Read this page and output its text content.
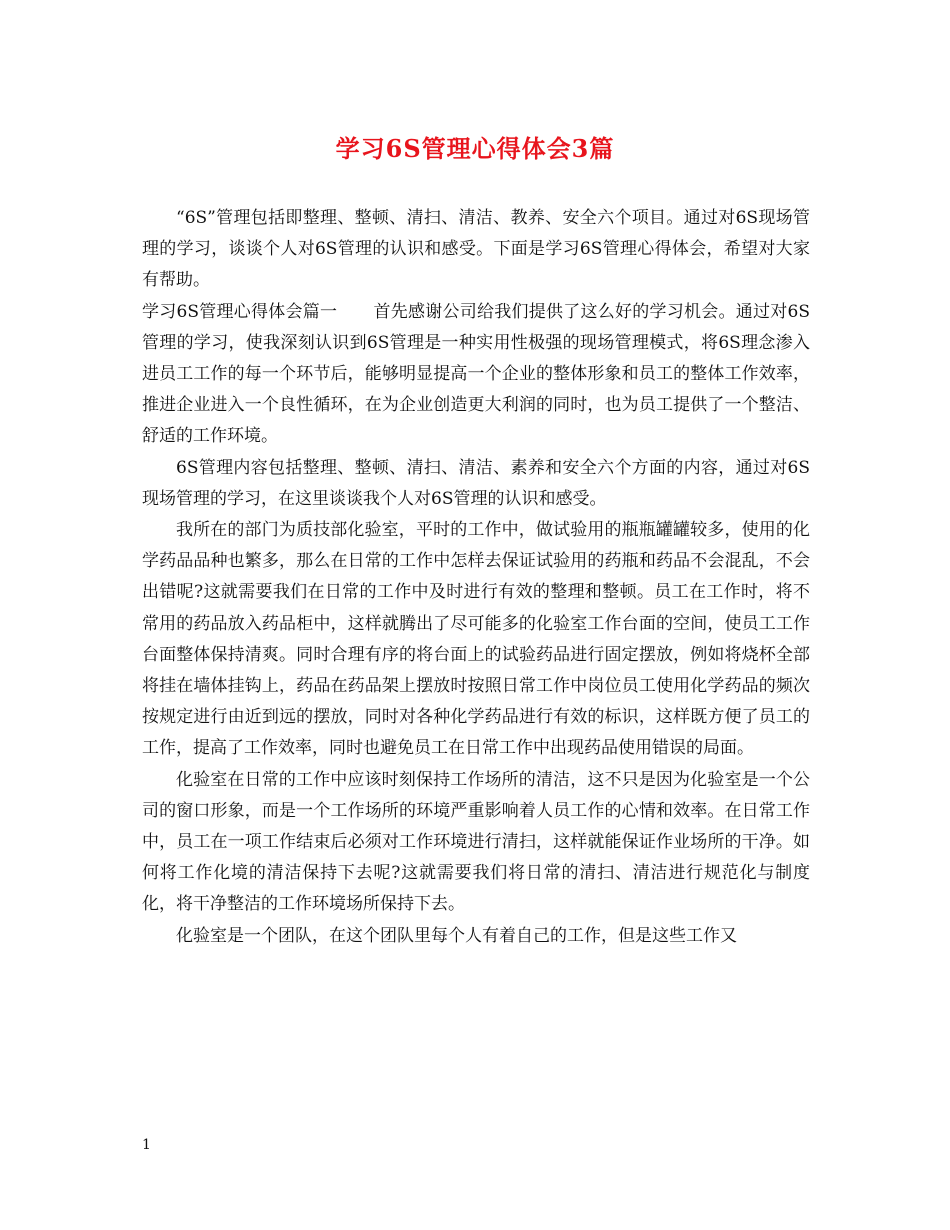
学习6S管理心得体会3篇

“6S”管理包括即整理、整顿、清扫、清洁、教养、安全六个项目。通过对6S现场管理的学习，谈谈个人对6S管理的认识和感受。下面是学习6S管理心得体会，希望对大家有帮助。

学习6S管理心得体会篇一 首先感谢公司给我们提供了这么好的学习机会。通过对6S管理的学习，使我深刻认识到6S管理是一种实用性极强的现场管理模式，将6S理念渗入进员工工作的每一个环节后，能够明显提高一个企业的整体形象和员工的整体工作效率，推进企业进入一个良性循环，在为企业创造更大利润的同时，也为员工提供了一个整洁、舒适的工作环境。

6S管理内容包括整理、整顿、清扫、清洁、素养和安全六个方面的内容，通过对6S现场管理的学习，在这里谈谈我个人对6S管理的认识和感受。

我所在的部门为质技部化验室，平时的工作中，做试验用的瓶瓶罐罐较多，使用的化学药品品种也繁多，那么在日常的工作中怎样去保证试验用的药瓶和药品不会混乱，不会出错呢?这就需要我们在日常的工作中及时进行有效的整理和整顿。员工在工作时，将不常用的药品放入药品柜中，这样就腾出了尽可能多的化验室工作台面的空间，使员工工作台面整体保持清爽。同时合理有序的将台面上的试验药品进行固定摆放，例如将烧杯全部将挂在墙体挂钩上，药品在药品架上摆放时按照日常工作中岗位员工使用化学药品的频次按规定进行由近到远的摆放，同时对各种化学药品进行有效的标识，这样既方便了员工的工作，提高了工作效率，同时也避免员工在日常工作中出现药品使用错误的局面。

化验室在日常的工作中应该时刻保持工作场所的清洁，这不只是因为化验室是一个公司的窗口形象，而是一个工作场所的环境严重影响着人员工作的心情和效率。在日常工作中，员工在一项工作结束后必须对工作环境进行清扫，这样就能保证作业场所的干净。如何将工作化境的清洁保持下去呢?这就需要我们将日常的清扫、清洁进行规范化与制度化，将干净整洁的工作环境场所保持下去。

化验室是一个团队，在这个团队里每个人有着自己的工作，但是这些工作又

1
